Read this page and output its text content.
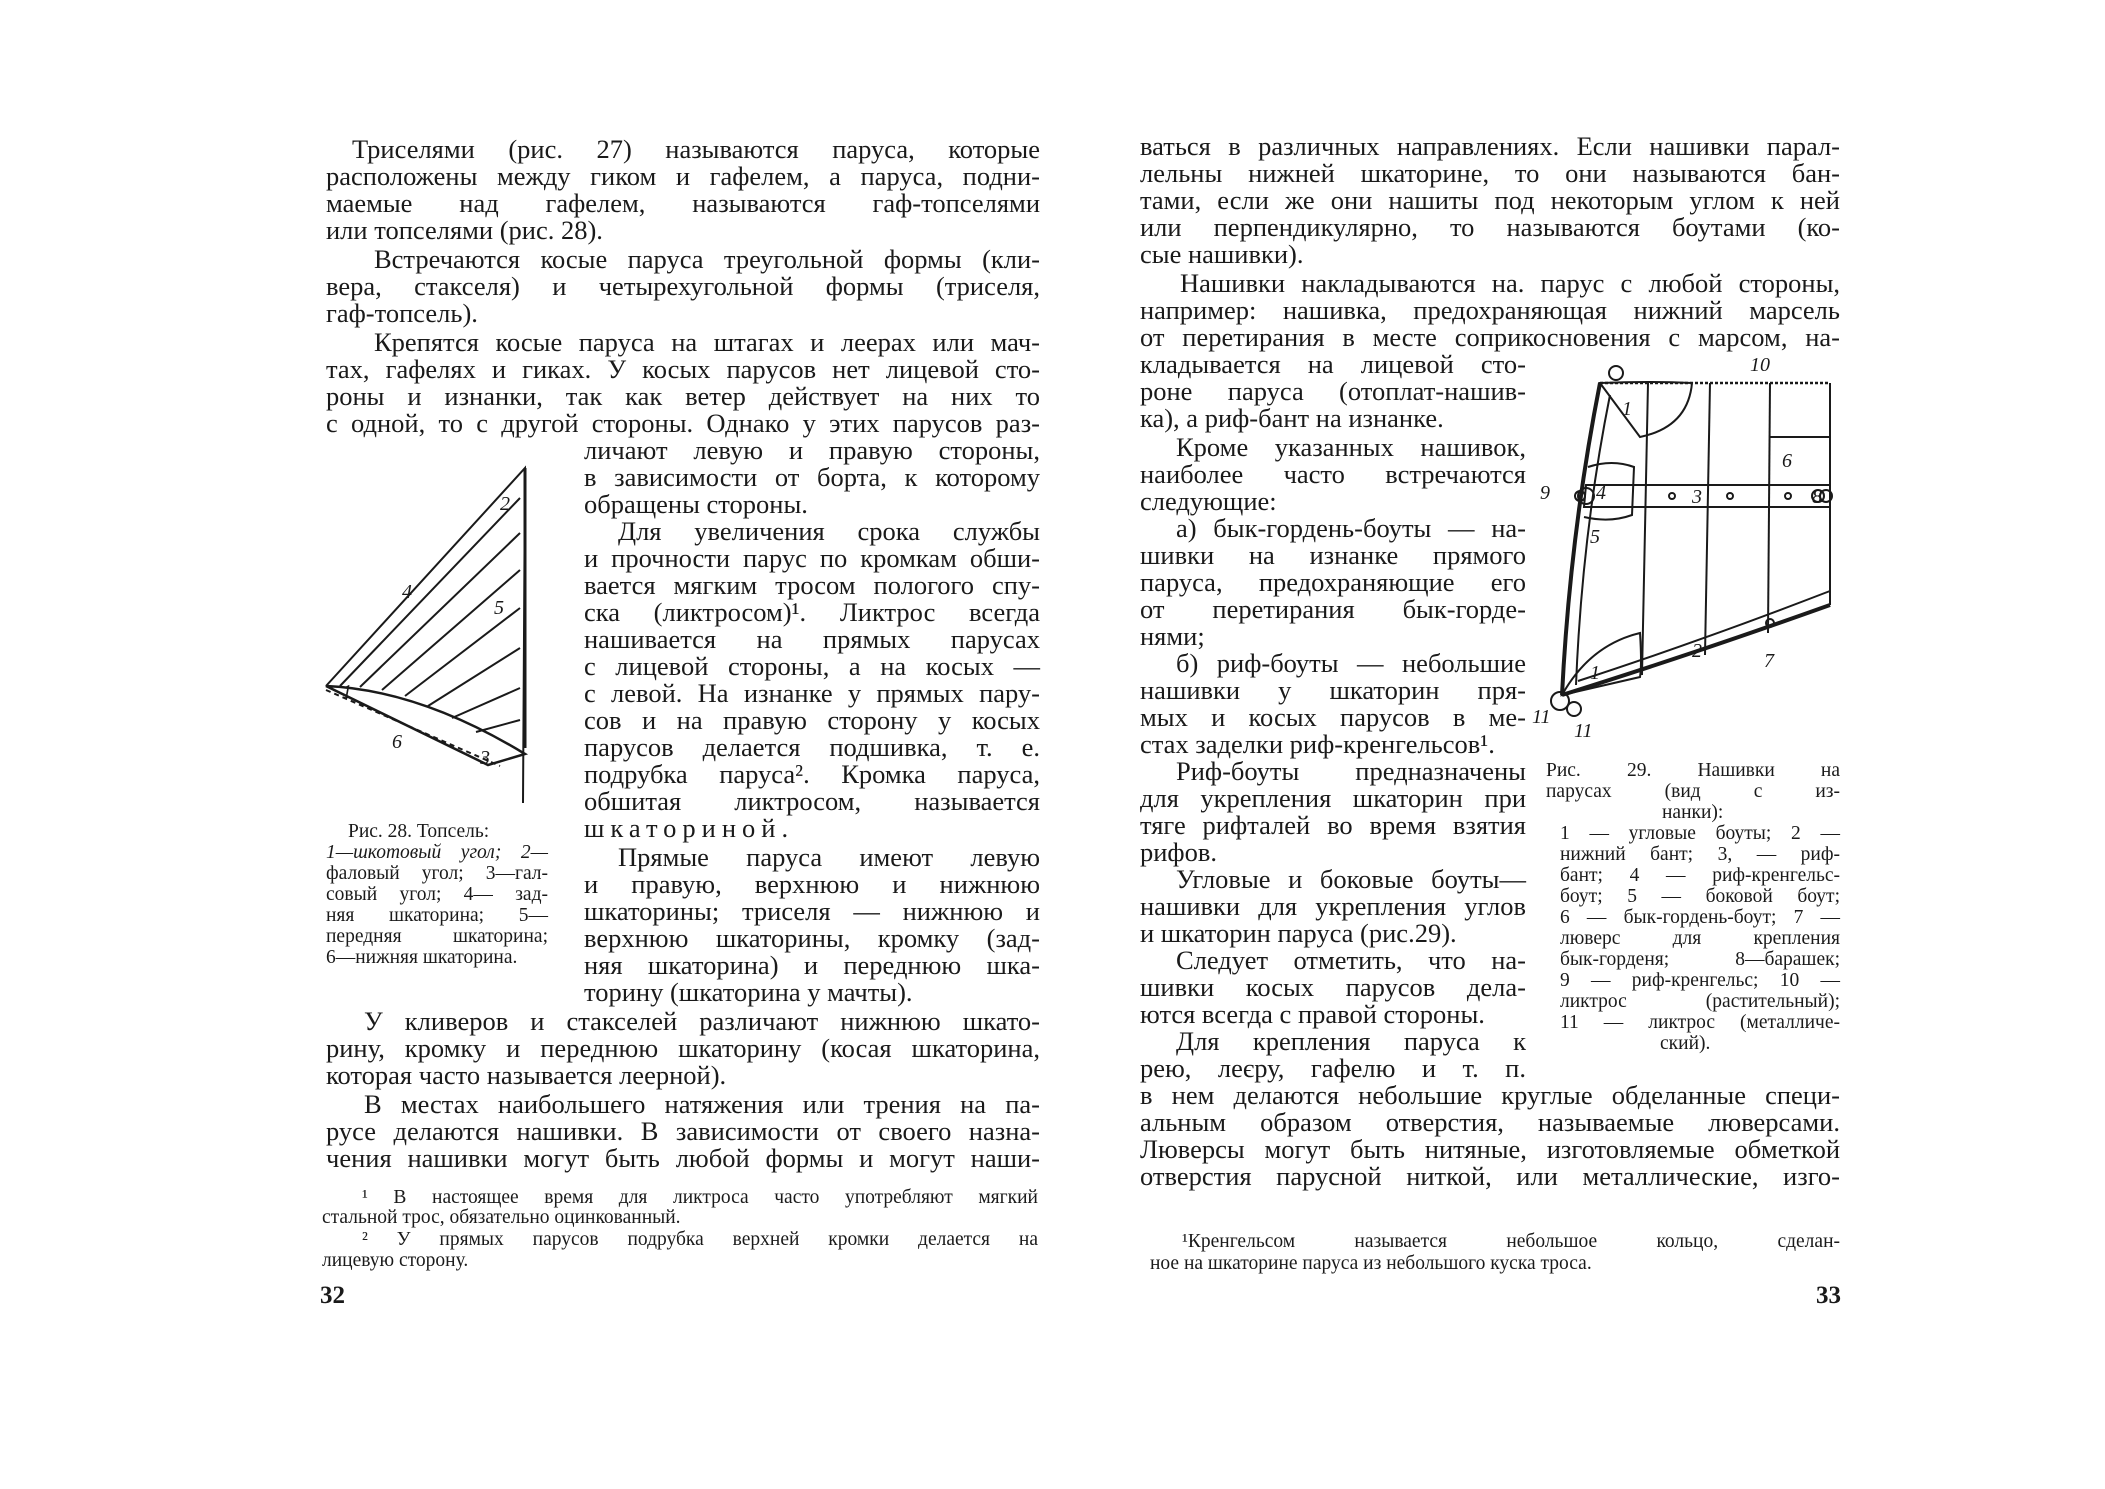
Триселями (рис. 27) называются паруса, которые
расположены между гиком и гафелем, а паруса, подни-
маемые над гафелем, называются гаф-топселями
или топселями (рис. 28).
Встречаются косые паруса треугольной формы (кли-
вера, стакселя) и четырехугольной формы (триселя,
гаф-топсель).
Крепятся косые паруса на штагах и леерах или мач-
тах, гафелях и гиках. У косых парусов нет лицевой сто-
роны и изнанки, так как ветер действует на них то
с одной, то с другой стороны. Однако у этих парусов раз-
личают левую и правую стороны,
в зависимости от борта, к которому
обращены стороны.
Для увеличения срока службы
и прочности парус по кромкам обши-
вается мягким тросом пологого спу-
ска (ликтросом)¹. Ликтрос всегда
нашивается на прямых парусах
с лицевой стороны, а на косых —
с левой. На изнанке у прямых пару-
сов и на правую сторону у косых
парусов делается подшивка, т. е.
подрубка паруса². Кромка паруса,
обшитая ликтросом, называется
шкаториной.
Прямые паруса имеют левую
и правую, верхнюю и нижнюю
шкаторины; триселя — нижнюю и
верхнюю шкаторины, кромку (зад-
няя шкаторина) и переднюю шка-
торину (шкаторина у мачты).
У кливеров и стакселей различают нижнюю шкато-
рину, кромку и переднюю шкаторину (косая шкаторина,
которая часто называется леерной).
В местах наибольшего натяжения или трения на па-
русе делаются нашивки. В зависимости от своего назна-
чения нашивки могут быть любой формы и могут наши-
1
2
3
4
5
6
Рис. 28. Топсель:
1—шкотовый угол; 2—
фаловый угол; 3—гал-
совый угол; 4— зад-
няя шкаторина; 5—
передняя шкаторина;
6—нижняя шкаторина.
¹ В настоящее время для ликтроса часто употребляют мягкий
стальной трос, обязательно оцинкованный.
² У прямых парусов подрубка верхней кромки делается на
лицевую сторону.
32
ваться в различных направлениях. Если нашивки парал-
лельны нижней шкаторине, то они называются бан-
тами, если же они нашиты под некоторым углом к ней
или перпендикулярно, то называются боутами (ко-
сые нашивки).
Нашивки накладываются на. парус с любой стороны,
например: нашивка, предохраняющая нижний марсель
от перетирания в месте соприкосновения с марсом, на-
кладывается на лицевой сто-
роне паруса (отоплат-нашив-
ка), а риф-бант на изнанке.
Кроме указанных нашивок,
наиболее часто встречаются
следующие:
а) бык-гордень-боуты — на-
шивки на изнанке прямого
паруса, предохраняющие его
от перетирания бык-горде-
нями;
б) риф-боуты — небольшие
нашивки у шкаторин пря-
мых и косых парусов в ме-
стах заделки риф-кренгельсов¹.
Риф-боуты предназначены
для укрепления шкаторин при
тяге рифталей во время взятия
рифов.
Угловые и боковые боуты—
нашивки для укрепления углов
и шкаторин паруса (рис.29).
Следует отметить, что на-
шивки косых парусов дела-
ются всегда с правой стороны.
Для крепления паруса к
рею, леєру, гафелю и т. п.
в нем делаются небольшие круглые обделанные специ-
альным образом отверстия, называемые люверсами.
Люверсы могут быть нитяные, изготовляемые обметкой
отверстия парусной ниткой, или металлические, изго-
10
1
6
9 4	3	8
5
2	7
1
11
11
Рис. 29. Нашивки на
парусах (вид с из-
нанки):
1 — угловые боуты; 2 —
нижний бант; 3, — риф-
бант; 4 — риф-кренгельс-
боут; 5 — боковой боут;
6 — бык-гордень-боут; 7 —
люверс для крепления
бык-горденя; 8—барашек;
9 — риф-кренгельс; 10 —
ликтрос (растительный);
11 — ликтрос (металличе-
ский).
¹Кренгельсом называется небольшое кольцо, сделан-
ное на шкаторине паруса из небольшого куска троса.
33
